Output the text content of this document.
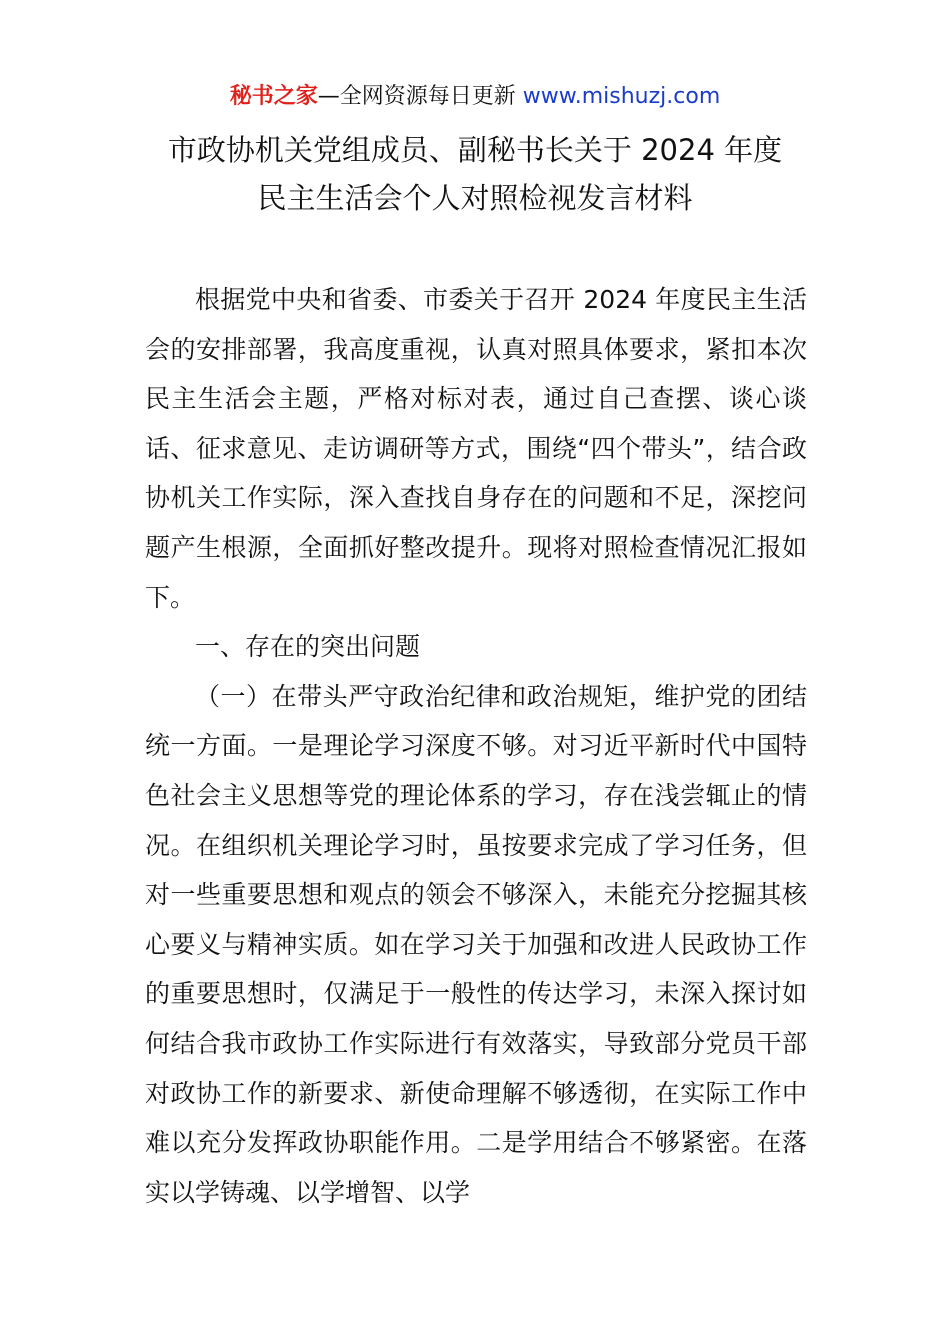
秘书之家—全网资源每日更新 www.mishuzj.com
市政协机关党组成员、副秘书长关于 2024 年度
民主生活会个人对照检视发言材料

根据党中央和省委、市委关于召开 2024 年度民主生活会的安排部署，我高度重视，认真对照具体要求，紧扣本次民主生活会主题，严格对标对表，通过自己查摆、谈心谈话、征求意见、走访调研等方式，围绕“四个带头”，结合政协机关工作实际，深入查找自身存在的问题和不足，深挖问题产生根源，全面抓好整改提升。现将对照检查情况汇报如下。

一、存在的突出问题

（一）在带头严守政治纪律和政治规矩，维护党的团结统一方面。一是理论学习深度不够。对习近平新时代中国特色社会主义思想等党的理论体系的学习，存在浅尝辄止的情况。在组织机关理论学习时，虽按要求完成了学习任务，但对一些重要思想和观点的领会不够深入，未能充分挖掘其核心要义与精神实质。如在学习关于加强和改进人民政协工作的重要思想时，仅满足于一般性的传达学习，未深入探讨如何结合我市政协工作实际进行有效落实，导致部分党员干部对政协工作的新要求、新使命理解不够透彻，在实际工作中难以充分发挥政协职能作用。二是学用结合不够紧密。在落实以学铸魂、以学增智、以学
